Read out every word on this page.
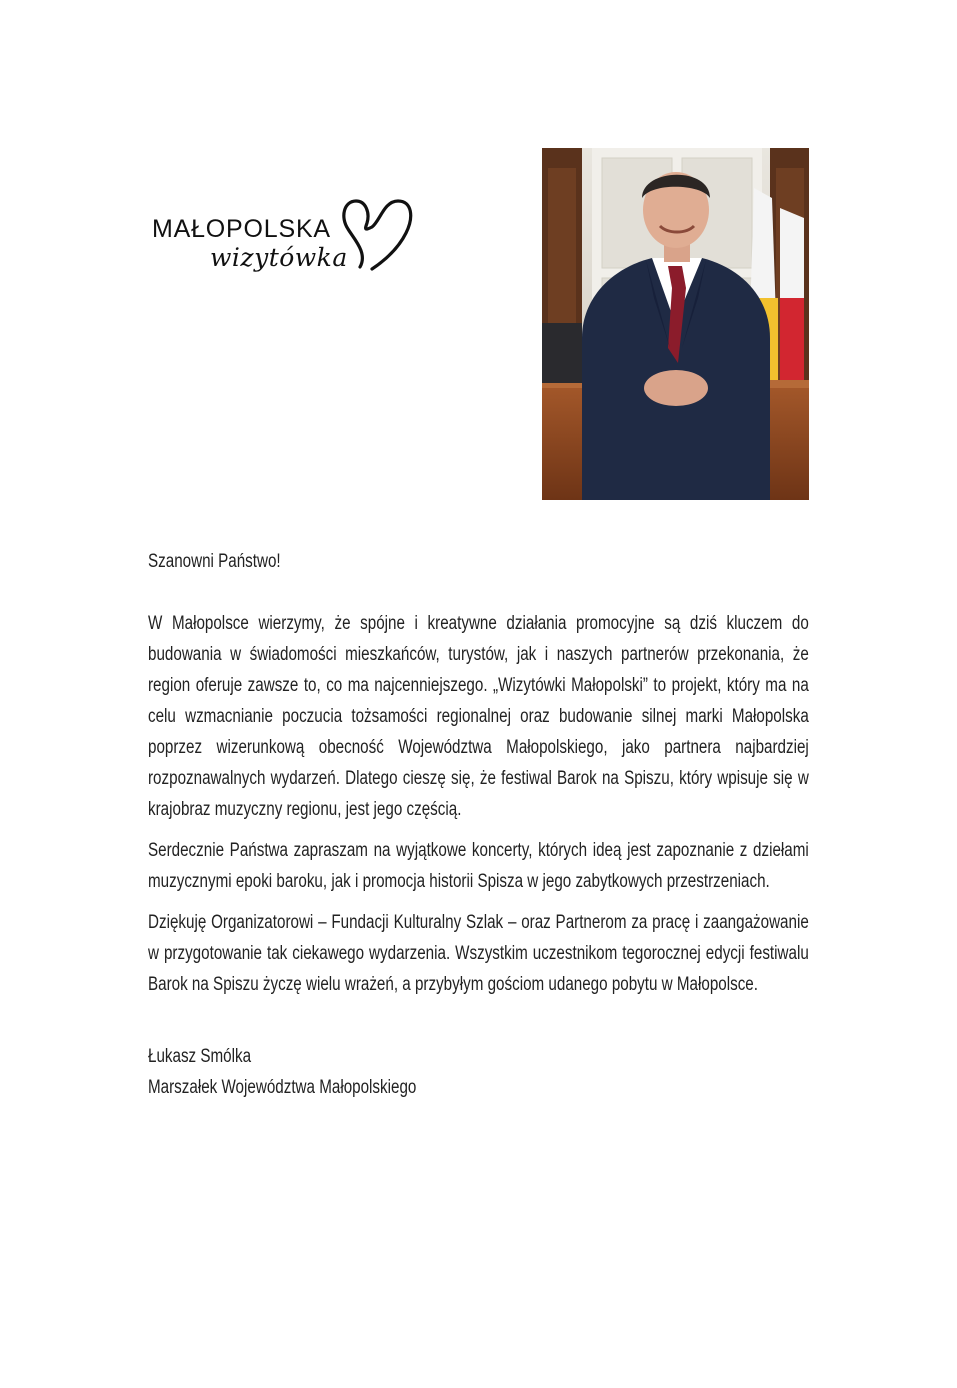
MAŁOPOLSKA
wizytówka

Szanowni Państwo!

W Małopolsce wierzymy, że spójne i kreatywne działania promocyjne są dziś kluczem do budowania w świadomości mieszkańców, turystów, jak i naszych partnerów przekonania, że region oferuje zawsze to, co ma najcenniejszego. „Wizytówki Małopolski” to projekt, który ma na celu wzmacnianie poczucia tożsamości regionalnej oraz budowanie silnej marki Małopolska poprzez wizerunkową obecność Województwa Małopolskiego, jako partnera najbardziej rozpoznawalnych wydarzeń. Dlatego cieszę się, że festiwal Barok na Spiszu, który wpisuje się w krajobraz muzyczny regionu, jest jego częścią.

Serdecznie Państwa zapraszam na wyjątkowe koncerty, których ideą jest zapoznanie z dziełami muzycznymi epoki baroku, jak i promocja historii Spisza w jego zabytkowych przestrzeniach.

Dziękuję Organizatorowi – Fundacji Kulturalny Szlak – oraz Partnerom za pracę i zaangażowanie w przygotowanie tak ciekawego wydarzenia. Wszystkim uczestnikom tegorocznej edycji festiwalu Barok na Spiszu życzę wielu wrażeń, a przybyłym gościom udanego pobytu w Małopolsce.

Łukasz Smólka
Marszałek Województwa Małopolskiego
